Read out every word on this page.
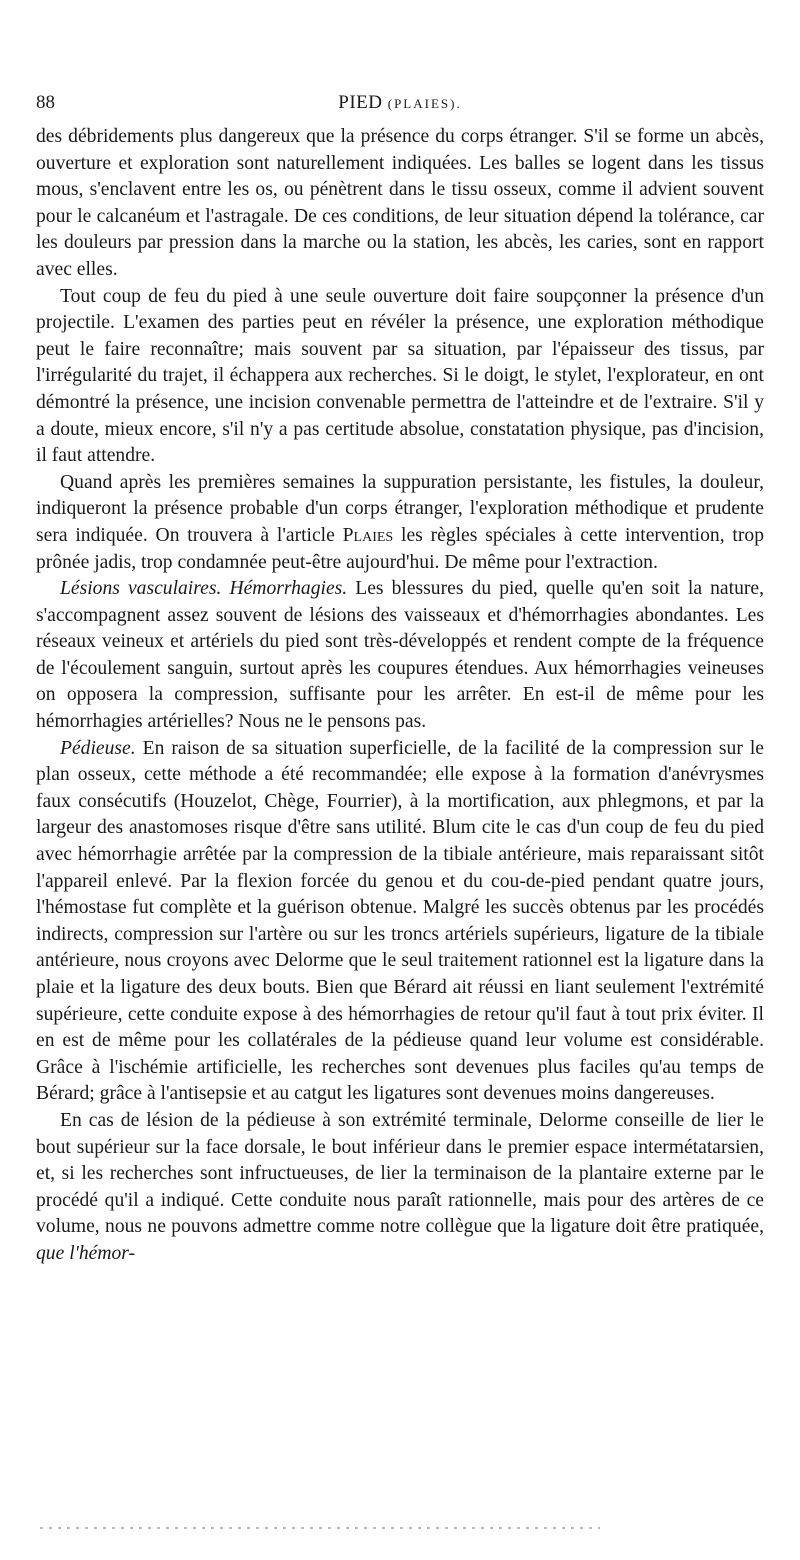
88	PIED (PLAIES).

des débridements plus dangereux que la présence du corps étranger. S'il se forme un abcès, ouverture et exploration sont naturellement indiquées. Les balles se logent dans les tissus mous, s'enclavent entre les os, ou pénètrent dans le tissu osseux, comme il advient souvent pour le calcanéum et l'astragale. De ces conditions, de leur situation dépend la tolérance, car les douleurs par pression dans la marche ou la station, les abcès, les caries, sont en rapport avec elles.

Tout coup de feu du pied à une seule ouverture doit faire soupçonner la présence d'un projectile. L'examen des parties peut en révéler la présence, une exploration méthodique peut le faire reconnaître; mais souvent par sa situation, par l'épaisseur des tissus, par l'irrégularité du trajet, il échappera aux recherches. Si le doigt, le stylet, l'explorateur, en ont démontré la présence, une incision convenable permettra de l'atteindre et de l'extraire. S'il y a doute, mieux encore, s'il n'y a pas certitude absolue, constatation physique, pas d'incision, il faut attendre.

Quand après les premières semaines la suppuration persistante, les fistules, la douleur, indiqueront la présence probable d'un corps étranger, l'exploration méthodique et prudente sera indiquée. On trouvera à l'article Plaies les règles spéciales à cette intervention, trop prônée jadis, trop condamnée peut-être aujourd'hui. De même pour l'extraction.

Lésions vasculaires. Hémorrhagies. Les blessures du pied, quelle qu'en soit la nature, s'accompagnent assez souvent de lésions des vaisseaux et d'hémorrhagies abondantes. Les réseaux veineux et artériels du pied sont très-développés et rendent compte de la fréquence de l'écoulement sanguin, surtout après les coupures étendues. Aux hémorrhagies veineuses on opposera la compression, suffisante pour les arrêter. En est-il de même pour les hémorrhagies artérielles? Nous ne le pensons pas.

Pédieuse. En raison de sa situation superficielle, de la facilité de la compression sur le plan osseux, cette méthode a été recommandée; elle expose à la formation d'anévrysmes faux consécutifs (Houzelot, Chège, Fourrier), à la mortification, aux phlegmons, et par la largeur des anastomoses risque d'être sans utilité. Blum cite le cas d'un coup de feu du pied avec hémorrhagie arrêtée par la compression de la tibiale antérieure, mais reparaissant sitôt l'appareil enlevé. Par la flexion forcée du genou et du cou-de-pied pendant quatre jours, l'hémostase fut complète et la guérison obtenue. Malgré les succès obtenus par les procédés indirects, compression sur l'artère ou sur les troncs artériels supérieurs, ligature de la tibiale antérieure, nous croyons avec Delorme que le seul traitement rationnel est la ligature dans la plaie et la ligature des deux bouts. Bien que Bérard ait réussi en liant seulement l'extrémité supérieure, cette conduite expose à des hémorrhagies de retour qu'il faut à tout prix éviter. Il en est de même pour les collatérales de la pédieuse quand leur volume est considérable. Grâce à l'ischémie artificielle, les recherches sont devenues plus faciles qu'au temps de Bérard; grâce à l'antisepsie et au catgut les ligatures sont devenues moins dangereuses.

En cas de lésion de la pédieuse à son extrémité terminale, Delorme conseille de lier le bout supérieur sur la face dorsale, le bout inférieur dans le premier espace intermétatarsien, et, si les recherches sont infructueuses, de lier la terminaison de la plantaire externe par le procédé qu'il a indiqué. Cette conduite nous paraît rationnelle, mais pour des artères de ce volume, nous ne pouvons admettre comme notre collègue que la ligature doit être pratiquée, que l'hémor-
